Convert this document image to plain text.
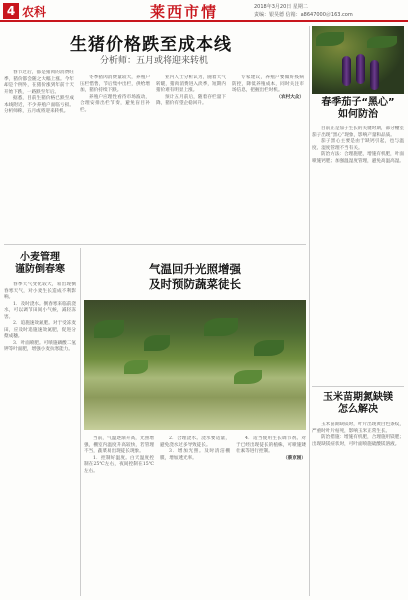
4 农科	莱西市情	2018年3月20日 星期二
责编：银昊德 信箱：a8647000＠163.com
生猪价格跌至成本线
分析师：五月或将迎来转机

春节过后，都是猪肉的消费旺季，猪价都会随之大幅上涨。今年却是个例外，在猪价涨到年前十天开始下跌，一路跌至年后。

据悉，目前生猪价格已跌至成本线附近，不少养殖户面临亏损。分析师称，五月或将迎来转机。

冬季猪肉消费量较大，养殖户压栏惜售，节后集中出栏，供给增加，猪价持续下跌。

养殖户应理性看待市场波动，合理安排出栏节奏，避免盲目补栏。

业内人士分析认为，随着天气转暖，猪肉消费进入淡季，短期内猪价难有明显上涨。

预计五月前后，随着存栏量下降，猪价有望企稳回升。

专家建议，养殖户要做好疫病防控，降低养殖成本，同时关注市场信息，把握出栏时机。

（农村大众）	春季茄子“黑心”
如何防治

目前正是茄子生长的关键时期，部分棚室茄子出现“黑心”现象，影响产量和品质。

茄子黑心主要是由于缺钙引起，也与温度、湿度管理不当有关。

防治方法：合理施肥，增施有机肥，叶面喷施钙肥；加强温湿度管理，避免高温高湿。

小麦管理
谨防倒春寒

春季天气变化较大，易出现倒春寒天气，对小麦生长造成不利影响。

1．及时浇水。倒春寒来临前浇水，可以调节田间小气候，减轻冻害。

2．追施速效氮肥。对于受冻麦田，应及时追施速效氮肥，促进分蘖成穗。

3．叶面喷肥。可喷施磷酸二氢钾等叶面肥，增强小麦抗寒能力。

气温回升光照增强
及时预防蔬菜徒长

当前，气温逐渐升高，光照增强，棚室内温度升高较快，若管理不当，蔬菜易出现徒长现象。

1．控制好温度。白天温度控制在25℃左右，夜间控制在15℃左右。

2．合理浇水。浇水要适量，避免浇水过多导致徒长。

3．增加光照。及时清洁棚膜，增加透光率。

4．适当使用生长调节剂。对于已经出现徒长的植株，可喷施矮壮素等进行控制。

（蔡京刚）
玉米苗期氮缺镁
怎么解决

玉米苗期缺镁时，叶片出现黄白色条纹，严重时叶片枯死，影响玉米正常生长。

防治措施：增施有机肥，合理施用镁肥；出现缺镁症状时，可叶面喷施硫酸镁溶液。
